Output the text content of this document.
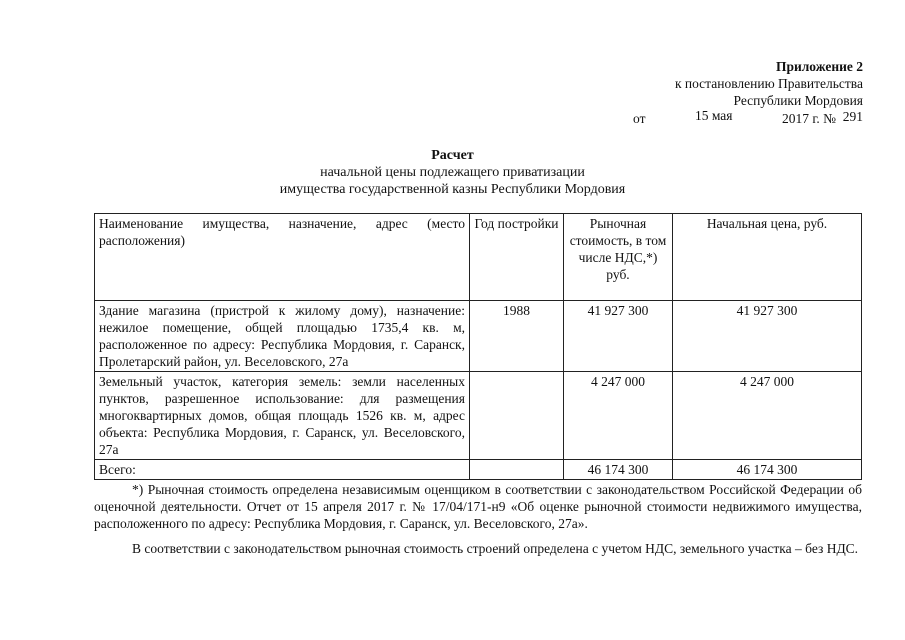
Приложение 2
к постановлению Правительства
Республики Мордовия
от	15 мая	2017 г. № 291
Расчет
начальной цены подлежащего приватизации
имущества государственной казны Республики Мордовия
Наименование имущества, назначение, адрес (место расположения)	Год постройки	Рыночная стоимость, в том числе НДС,*) руб.	Начальная цена, руб.
Здание магазина (пристрой к жилому дому), назначение: нежилое помещение, общей площадью 1735,4 кв. м, расположенное по адресу: Республика Мордовия, г. Саранск, Пролетарский район, ул. Веселовского, 27а	1988	41 927 300	41 927 300
Земельный участок, категория земель: земли населенных пунктов, разрешенное использование: для размещения многоквартирных домов, общая площадь 1526 кв. м, адрес объекта: Республика Мордовия, г. Саранск, ул. Веселовского, 27а		4 247 000	4 247 000
Всего:		46 174 300	46 174 300

*) Рыночная стоимость определена независимым оценщиком в соответствии с законодательством Российской Федерации об оценочной деятельности. Отчет от 15 апреля 2017 г. № 17/04/171-н9 «Об оценке рыночной стоимости недвижимого имущества, расположенного по адресу: Республика Мордовия, г. Саранск, ул. Веселовского, 27а».

В соответствии с законодательством рыночная стоимость строений определена с учетом НДС, земельного участка – без НДС.
